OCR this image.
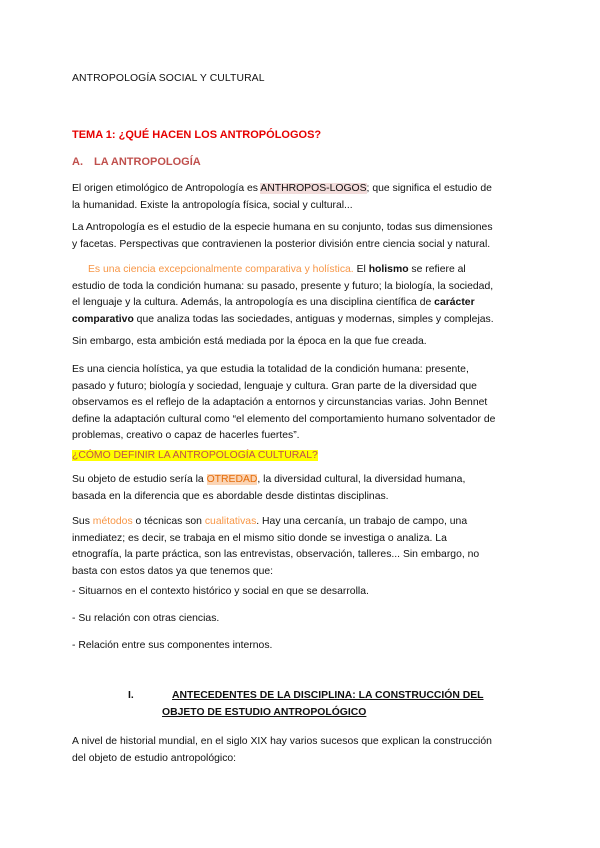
ANTROPOLOGÍA SOCIAL Y CULTURAL
TEMA 1: ¿QUÉ HACEN LOS ANTROPÓLOGOS?
A. LA ANTROPOLOGÍA
El origen etimológico de Antropología es ANTHROPOS-LOGOS; que significa el estudio de
la humanidad. Existe la antropología física, social y cultural...
La Antropología es el estudio de la especie humana en su conjunto, todas sus dimensiones
y facetas. Perspectivas que contravienen la posterior división entre ciencia social y natural.
Es una ciencia excepcionalmente comparativa y holística. El holismo se refiere al
estudio de toda la condición humana: su pasado, presente y futuro; la biología, la sociedad,
el lenguaje y la cultura. Además, la antropología es una disciplina científica de carácter
comparativo que analiza todas las sociedades, antiguas y modernas, simples y complejas.
Sin embargo, esta ambición está mediada por la época en la que fue creada.
Es una ciencia holística, ya que estudia la totalidad de la condición humana: presente,
pasado y futuro; biología y sociedad, lenguaje y cultura. Gran parte de la diversidad que
observamos es el reflejo de la adaptación a entornos y circunstancias varias. John Bennet
define la adaptación cultural como “el elemento del comportamiento humano solventador de
problemas, creativo o capaz de hacerles fuertes”.
¿CÓMO DEFINIR LA ANTROPOLOGÍA CULTURAL?
Su objeto de estudio sería la OTREDAD, la diversidad cultural, la diversidad humana,
basada en la diferencia que es abordable desde distintas disciplinas.
Sus métodos o técnicas son cualitativas. Hay una cercanía, un trabajo de campo, una
inmediatez; es decir, se trabaja en el mismo sitio donde se investiga o analiza. La
etnografía, la parte práctica, son las entrevistas, observación, talleres... Sin embargo, no
basta con estos datos ya que tenemos que:
- Situarnos en el contexto histórico y social en que se desarrolla.
- Su relación con otras ciencias.
- Relación entre sus componentes internos.
I.	ANTECEDENTES DE LA DISCIPLINA: LA CONSTRUCCIÓN DEL
OBJETO DE ESTUDIO ANTROPOLÓGICO
A nivel de historial mundial, en el siglo XIX hay varios sucesos que explican la construcción
del objeto de estudio antropológico:
